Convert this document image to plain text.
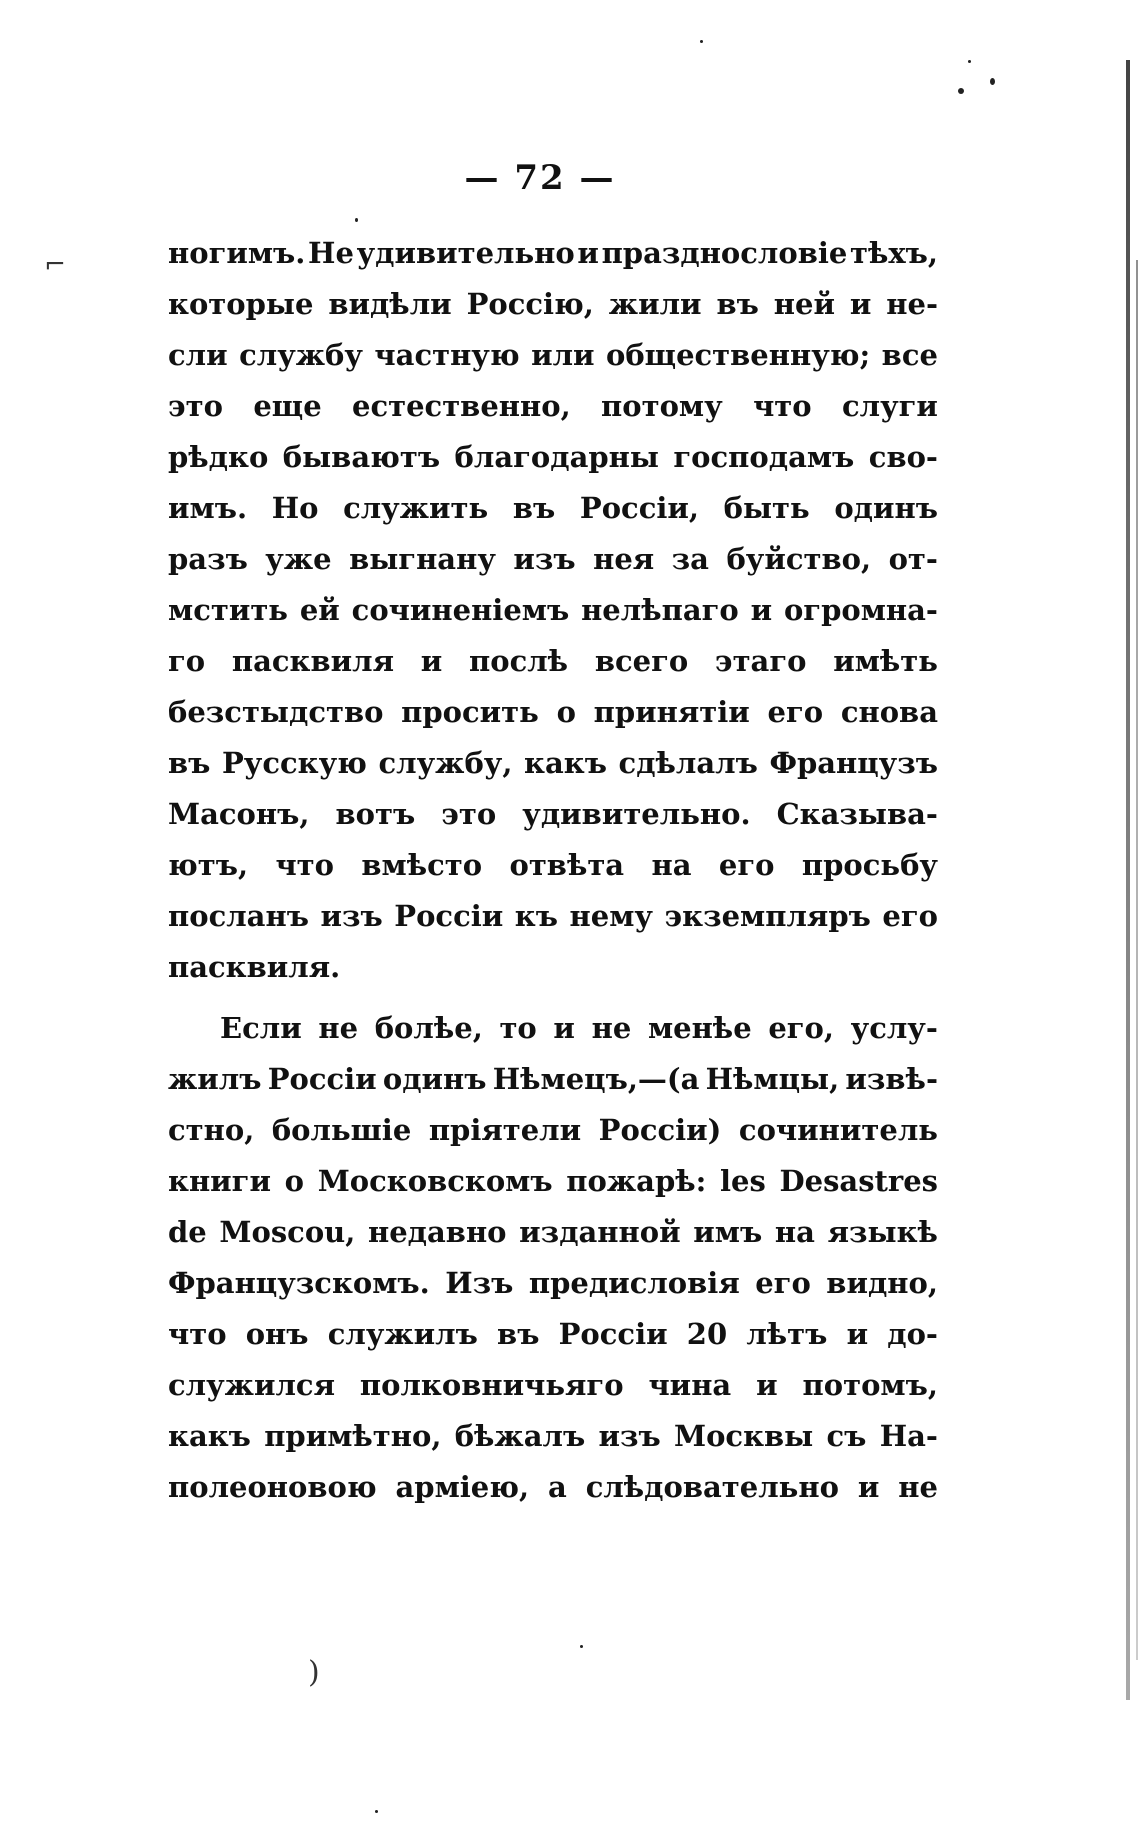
⌐
)
— 72 —
ногимъ. Не удивительно и празднословіе тѣхъ,
которые видѣли Россію, жили въ ней и не-
сли службу частную или общественную; все
это еще естественно, потому что слуги
рѣдко бываютъ благодарны господамъ сво-
имъ. Но служить въ Россіи, быть одинъ
разъ уже выгнану изъ нея за буйство, от-
мстить ей сочиненіемъ нелѣпаго и огромна-
го пасквиля и послѣ всего этаго имѣть
безстыдство просить о принятіи его снова
въ Русскую службу, какъ сдѣлалъ Французъ
Масонъ, вотъ это удивительно. Сказыва-
ютъ, что вмѣсто отвѣта на его просьбу
посланъ изъ Россіи къ нему экземпляръ его
пасквиля.
Если не болѣе, то и не менѣе его, услу-
жилъ Россіи одинъ Нѣмецъ,—(а Нѣмцы, извѣ-
стно, большіе пріятели Россіи) сочинитель
книги о Московскомъ пожарѣ: les Desastres
de Moscou, недавно изданной имъ на языкѣ
Французскомъ. Изъ предисловія его видно,
что онъ служилъ въ Россіи 20 лѣтъ и до-
служился полковничьяго чина и потомъ,
какъ примѣтно, бѣжалъ изъ Москвы съ На-
полеоновою арміею, а слѣдовательно и не
